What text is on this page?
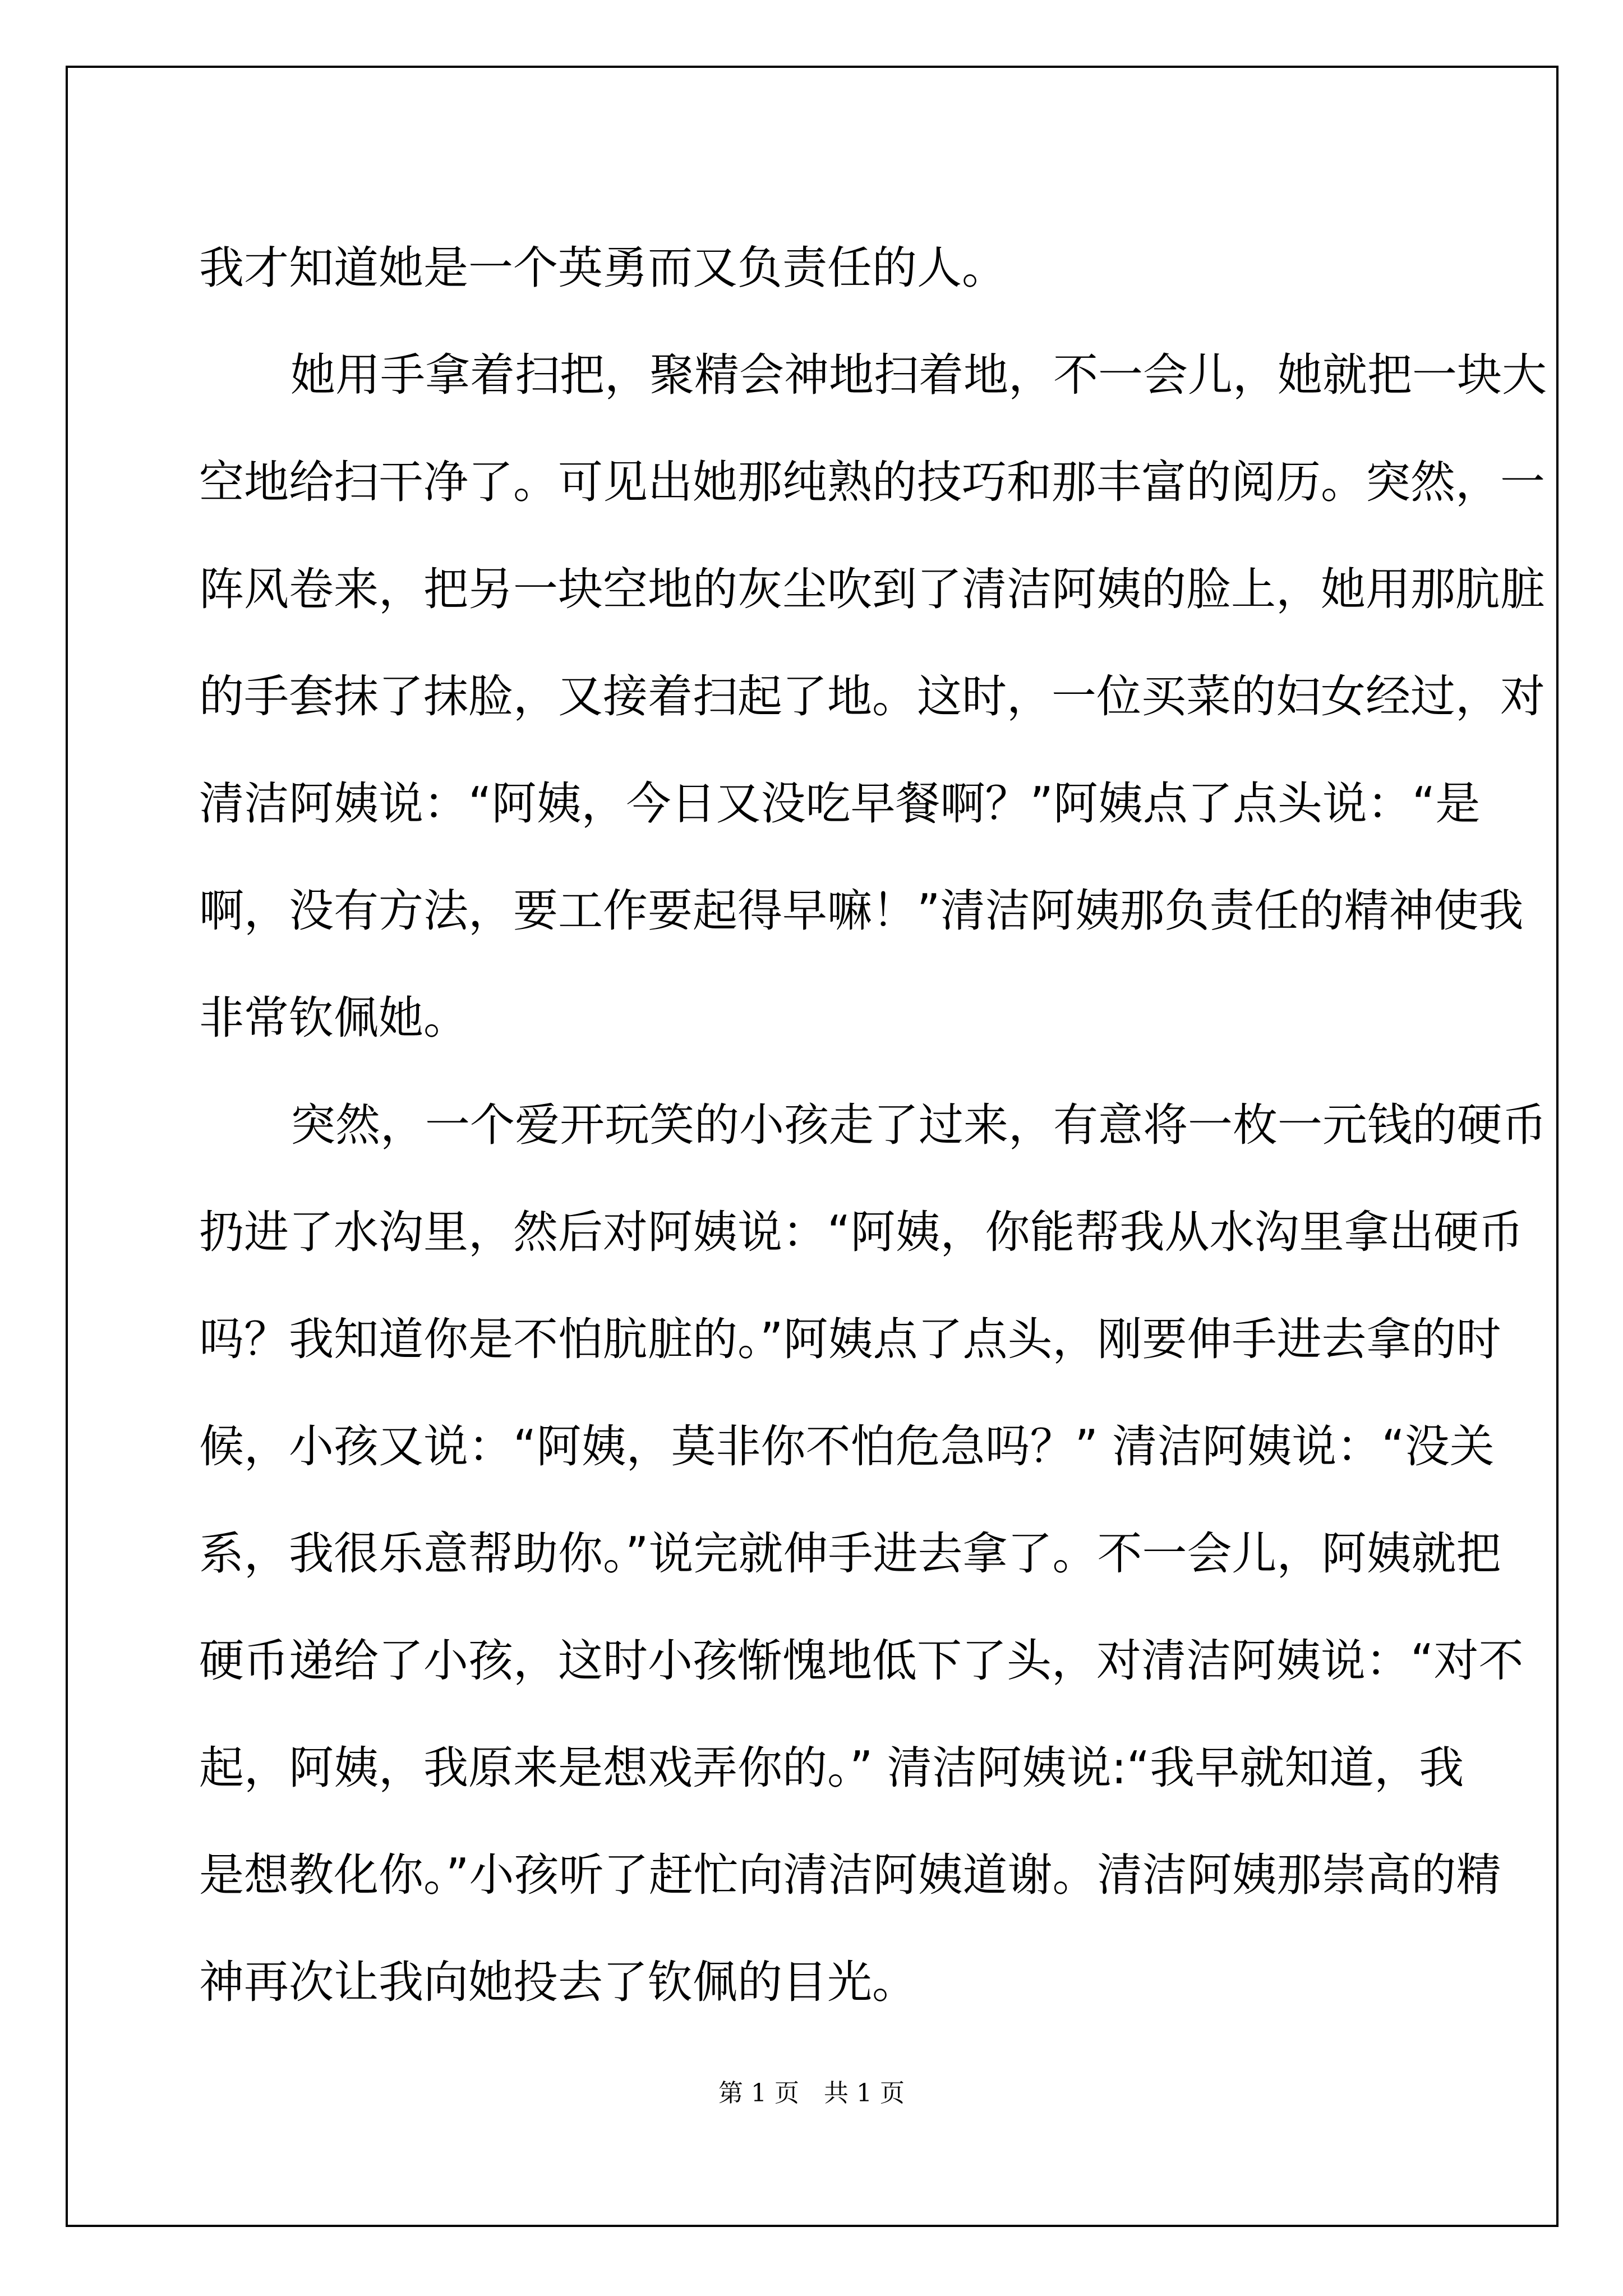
我才知道她是一个英勇而又负责任的人。
她用手拿着扫把，聚精会神地扫着地，不一会儿，她就把一块大
空地给扫干净了。可见出她那纯熟的技巧和那丰富的阅历。突然，一
阵风卷来，把另一块空地的灰尘吹到了清洁阿姨的脸上，她用那肮脏
的手套抹了抹脸，又接着扫起了地。这时，一位买菜的妇女经过，对
清洁阿姨说：“阿姨，今日又没吃早餐啊？”阿姨点了点头说：“是
啊，没有方法，要工作要起得早嘛！”清洁阿姨那负责任的精神使我
非常钦佩她。
突然，一个爱开玩笑的小孩走了过来，有意将一枚一元钱的硬币
扔进了水沟里，然后对阿姨说：“阿姨，你能帮我从水沟里拿出硬币
吗？我知道你是不怕肮脏的。”阿姨点了点头，刚要伸手进去拿的时
候，小孩又说：“阿姨，莫非你不怕危急吗？” 清洁阿姨说：“没关
系，我很乐意帮助你。”说完就伸手进去拿了。不一会儿，阿姨就把
硬币递给了小孩，这时小孩惭愧地低下了头，对清洁阿姨说：“对不
起，阿姨，我原来是想戏弄你的。” 清洁阿姨说:“我早就知道，我
是想教化你。”小孩听了赶忙向清洁阿姨道谢。清洁阿姨那崇高的精
神再次让我向她投去了钦佩的目光。
第 1 页　共 1 页
